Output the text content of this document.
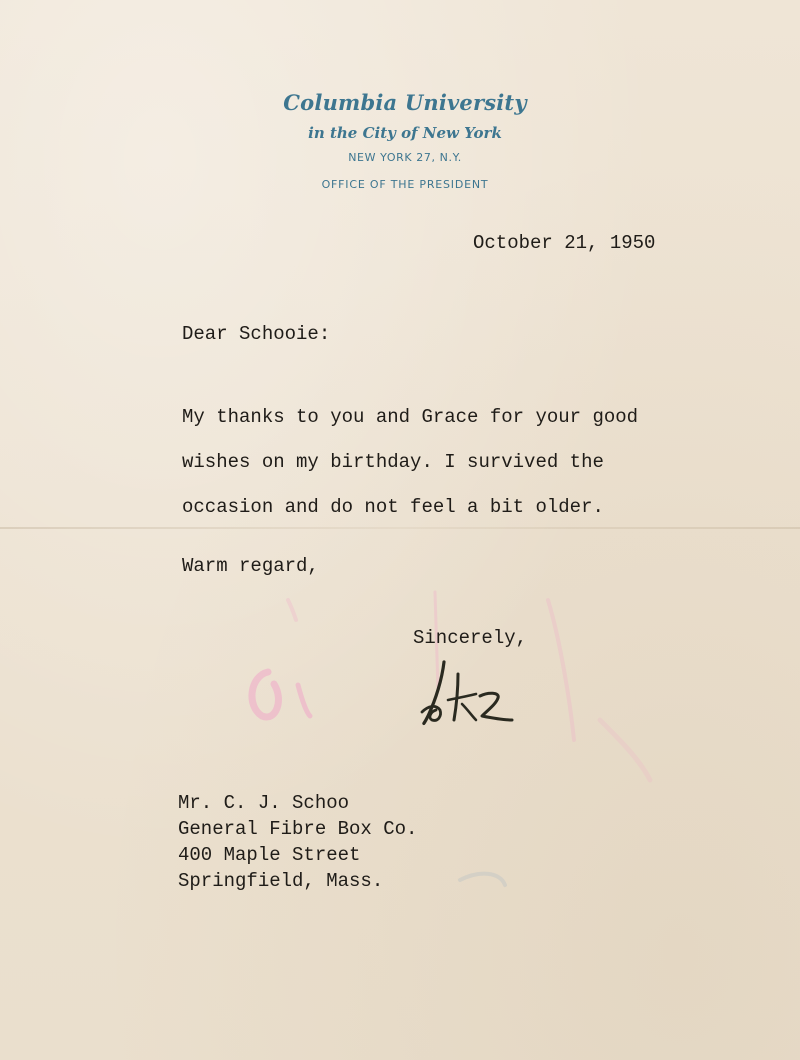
Columbia University
in the City of New York
NEW YORK 27, N.Y.
OFFICE OF THE PRESIDENT
October 21, 1950
Dear Schooie:
My thanks to you and Grace for your good
wishes on my birthday. I survived the
occasion and do not feel a bit older.
Warm regard,
Sincerely,
Mr. C. J. Schoo
General Fibre Box Co.
400 Maple Street
Springfield, Mass.
